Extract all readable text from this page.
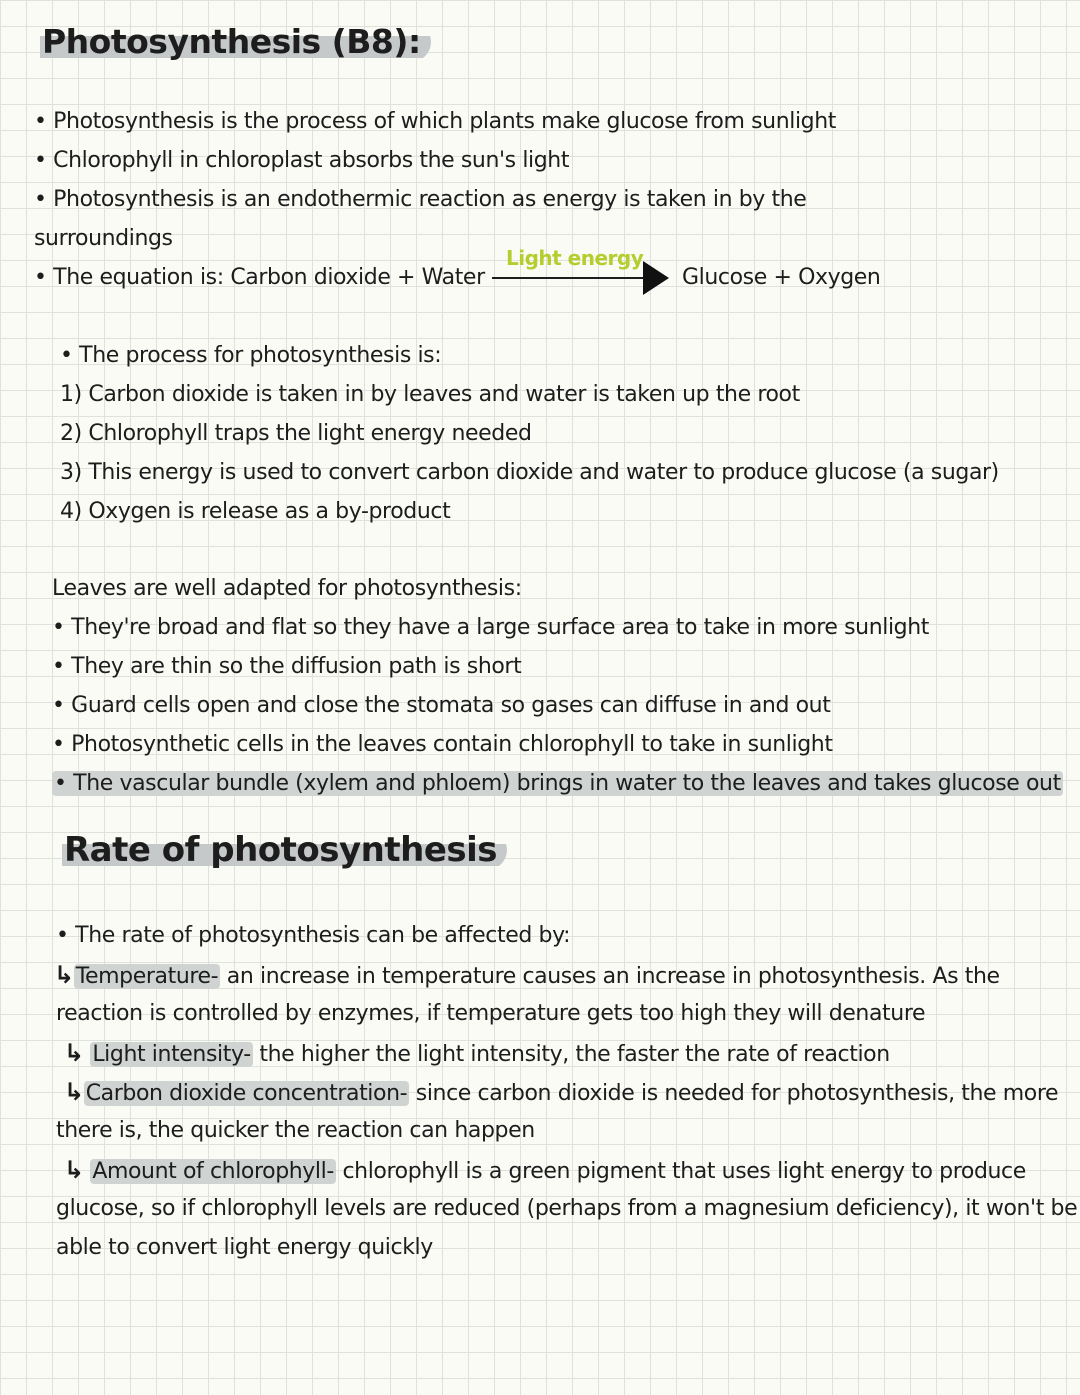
Photosynthesis (B8):
• Photosynthesis is the process of which plants make glucose from sunlight
• Chlorophyll in chloroplast absorbs the sun's light
• Photosynthesis is an endothermic reaction as energy is taken in by the
surroundings
• The equation is: Carbon dioxide + Water
Light energy
Glucose + Oxygen
• The process for photosynthesis is:
1) Carbon dioxide is taken in by leaves and water is taken up the root
2) Chlorophyll traps the light energy needed
3) This energy is used to convert carbon dioxide and water to produce glucose (a sugar)
4) Oxygen is release as a by-product
Leaves are well adapted for photosynthesis:
• They're broad and flat so they have a large surface area to take in more sunlight
• They are thin so the diffusion path is short
• Guard cells open and close the stomata so gases can diffuse in and out
• Photosynthetic cells in the leaves contain chlorophyll to take in sunlight
• The vascular bundle (xylem and phloem) brings in water to the leaves and takes glucose out
Rate of photosynthesis
• The rate of photosynthesis can be affected by:
↳Temperature- an increase in temperature causes an increase in photosynthesis. As the
reaction is controlled by enzymes, if temperature gets too high they will denature
↳ Light intensity- the higher the light intensity, the faster the rate of reaction
↳Carbon dioxide concentration- since carbon dioxide is needed for photosynthesis, the more
there is, the quicker the reaction can happen
↳ Amount of chlorophyll- chlorophyll is a green pigment that uses light energy to produce
glucose, so if chlorophyll levels are reduced (perhaps from a magnesium deficiency), it won't be
able to convert light energy quickly
